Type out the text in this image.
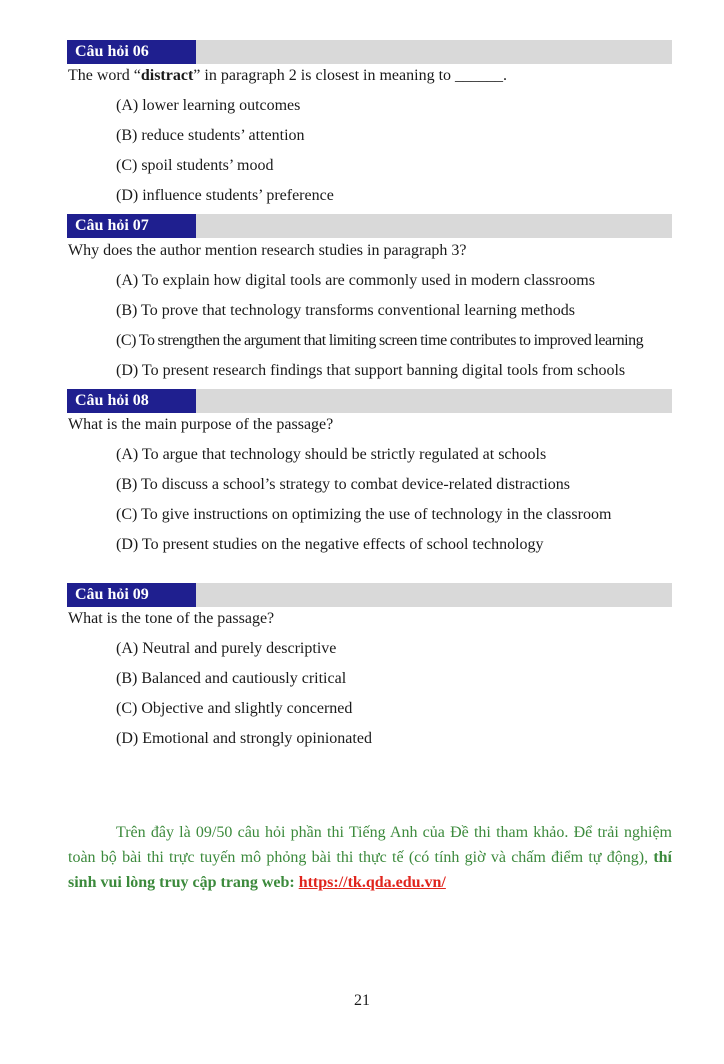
Câu hỏi 06
The word “distract” in paragraph 2 is closest in meaning to ______.
(A) lower learning outcomes
(B) reduce students’ attention
(C) spoil students’ mood
(D) influence students’ preference
Câu hỏi 07
Why does the author mention research studies in paragraph 3?
(A) To explain how digital tools are commonly used in modern classrooms
(B) To prove that technology transforms conventional learning methods
(C) To strengthen the argument that limiting screen time contributes to improved learning
(D) To present research findings that support banning digital tools from schools
Câu hỏi 08
What is the main purpose of the passage?
(A) To argue that technology should be strictly regulated at schools
(B) To discuss a school’s strategy to combat device-related distractions
(C) To give instructions on optimizing the use of technology in the classroom
(D) To present studies on the negative effects of school technology
Câu hỏi 09
What is the tone of the passage?
(A) Neutral and purely descriptive
(B) Balanced and cautiously critical
(C) Objective and slightly concerned
(D) Emotional and strongly opinionated

Trên đây là 09/50 câu hỏi phần thi Tiếng Anh của Đề thi tham khảo. Để trải nghiệm toàn bộ bài thi trực tuyến mô phỏng bài thi thực tế (có tính giờ và chấm điểm tự động), thí sinh vui lòng truy cập trang web: https://tk.qda.edu.vn/

21
